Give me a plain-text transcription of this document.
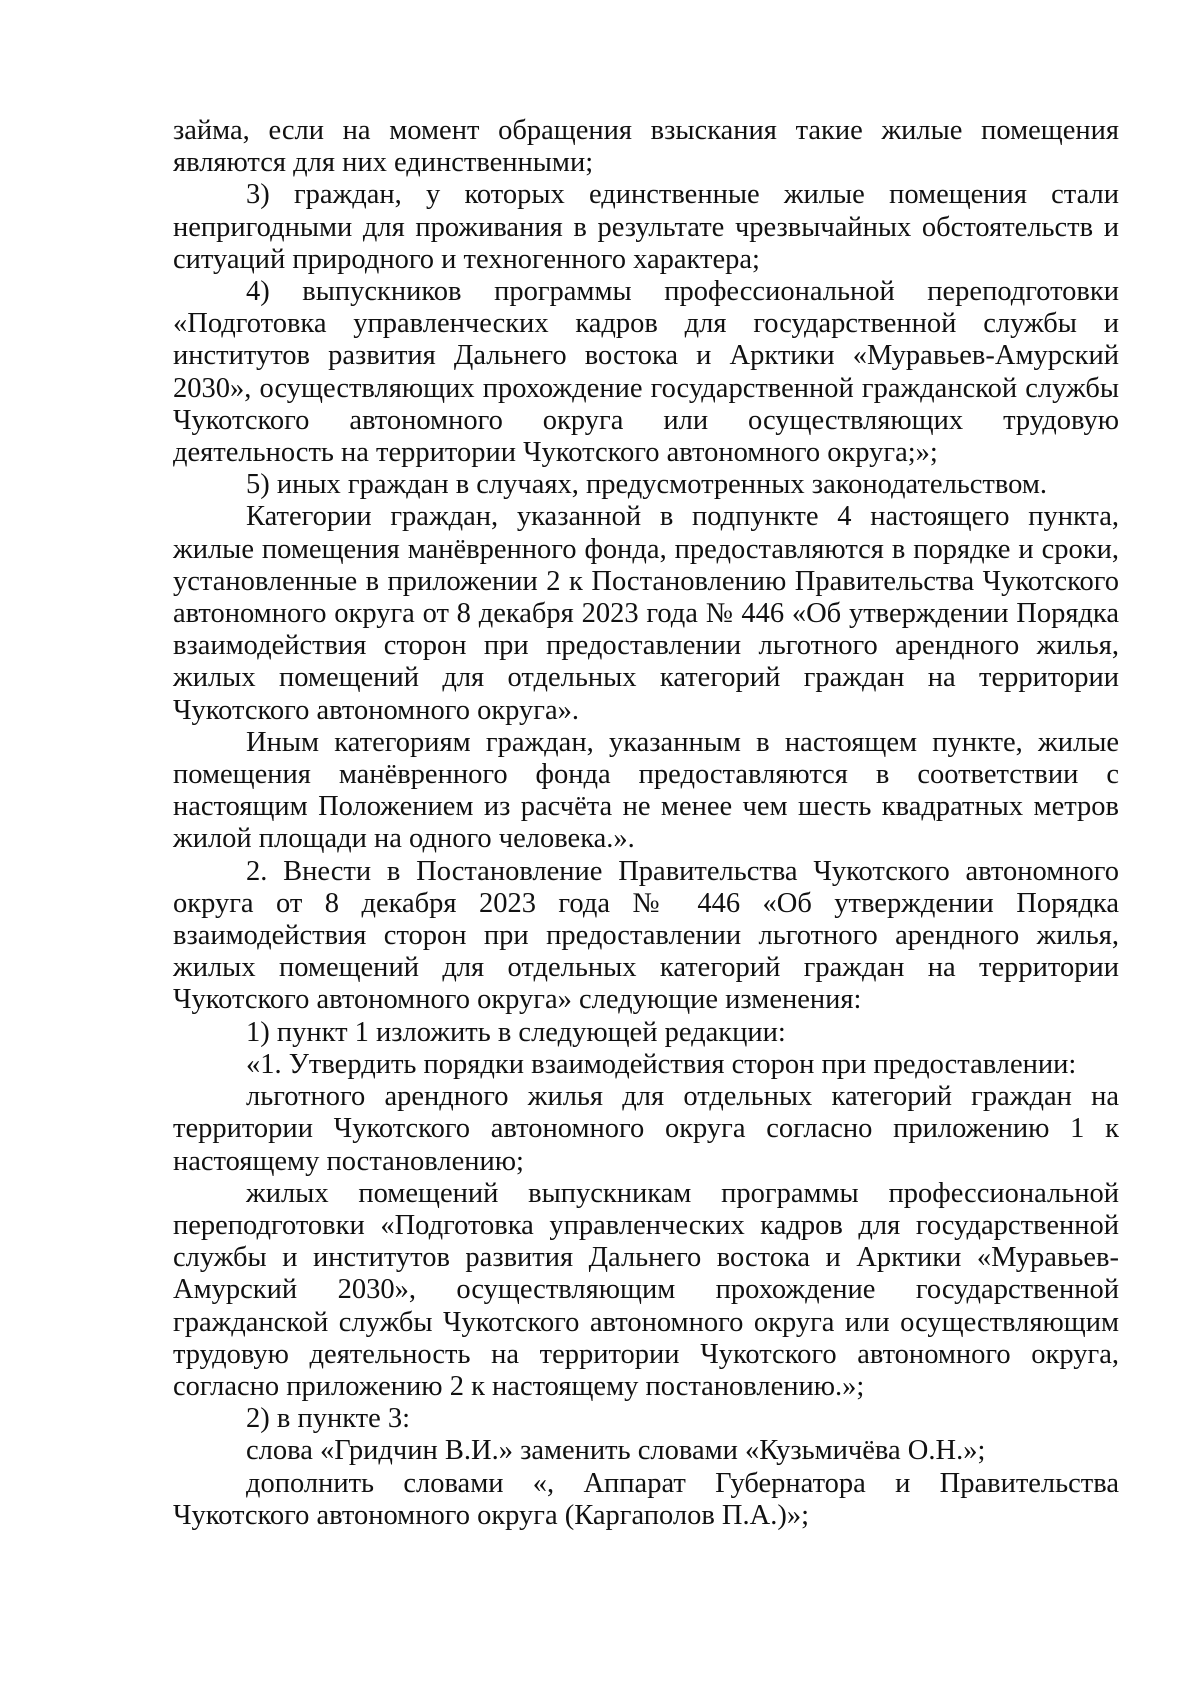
займа, если на момент обращения взыскания такие жилые помещения являются для них единственными;

3) граждан, у которых единственные жилые помещения стали непригодными для проживания в результате чрезвычайных обстоятельств и ситуаций природного и техногенного характера;

4) выпускников программы профессиональной переподготовки «Подготовка управленческих кадров для государственной службы и институтов развития Дальнего востока и Арктики «Муравьев-Амурский 2030», осуществляющих прохождение государственной гражданской службы Чукотского автономного округа или осуществляющих трудовую деятельность на территории Чукотского автономного округа;»;

5) иных граждан в случаях, предусмотренных законодательством.

Категории граждан, указанной в подпункте 4 настоящего пункта, жилые помещения манёвренного фонда, предоставляются в порядке и сроки, установленные в приложении 2 к Постановлению Правительства Чукотского автономного округа от 8 декабря 2023 года № 446 «Об утверждении Порядка взаимодействия сторон при предоставлении льготного арендного жилья, жилых помещений для отдельных категорий граждан на территории Чукотского автономного округа».

Иным категориям граждан, указанным в настоящем пункте, жилые помещения манёвренного фонда предоставляются в соответствии с настоящим Положением из расчёта не менее чем шесть квадратных метров жилой площади на одного человека.».

2. Внести в Постановление Правительства Чукотского автономного округа от 8 декабря 2023 года № 446 «Об утверждении Порядка взаимодействия сторон при предоставлении льготного арендного жилья, жилых помещений для отдельных категорий граждан на территории Чукотского автономного округа» следующие изменения:

1) пункт 1 изложить в следующей редакции:

«1. Утвердить порядки взаимодействия сторон при предоставлении:

льготного арендного жилья для отдельных категорий граждан на территории Чукотского автономного округа согласно приложению 1 к настоящему постановлению;

жилых помещений выпускникам программы профессиональной переподготовки «Подготовка управленческих кадров для государственной службы и институтов развития Дальнего востока и Арктики «Муравьев-Амурский 2030», осуществляющим прохождение государственной гражданской службы Чукотского автономного округа или осуществляющим трудовую деятельность на территории Чукотского автономного округа, согласно приложению 2 к настоящему постановлению.»;

2) в пункте 3:

слова «Гридчин В.И.» заменить словами «Кузьмичёва О.Н.»;

дополнить словами «, Аппарат Губернатора и Правительства Чукотского автономного округа (Каргаполов П.А.)»;
